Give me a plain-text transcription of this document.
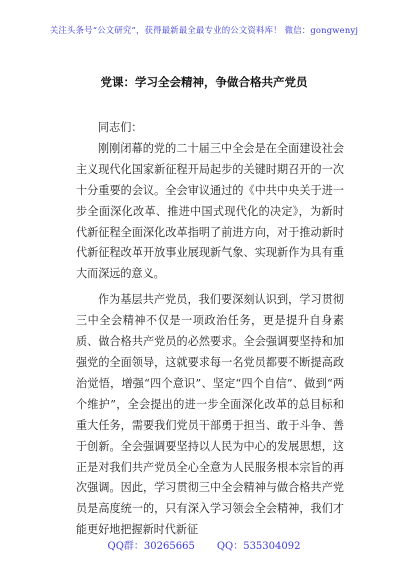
关注头条号“公文研究”，获得最新最全最专业的公文资料库！ 微信：gongwenyj
党课：学习全会精神，争做合格共产党员

同志们：

刚刚闭幕的党的二十届三中全会是在全面建设社会主义现代化国家新征程开局起步的关键时期召开的一次十分重要的会议。全会审议通过的《中共中央关于进一步全面深化改革、推进中国式现代化的决定》，为新时代新征程全面深化改革指明了前进方向，对于推动新时代新征程改革开放事业展现新气象、实现新作为具有重大而深远的意义。

作为基层共产党员，我们要深刻认识到，学习贯彻三中全会精神不仅是一项政治任务，更是提升自身素质、做合格共产党员的必然要求。全会强调要坚持和加强党的全面领导，这就要求每一名党员都要不断提高政治觉悟，增强“四个意识”、坚定“四个自信”、做到“两个维护”，全会提出的进一步全面深化改革的总目标和重大任务，需要我们党员干部勇于担当、敢于斗争、善于创新。全会强调要坚持以人民为中心的发展思想，这正是对我们共产党员全心全意为人民服务根本宗旨的再次强调。因此，学习贯彻三中全会精神与做合格共产党员是高度统一的，只有深入学习领会全会精神，我们才能更好地把握新时代新征

QQ群：30265665 QQ：535304092
